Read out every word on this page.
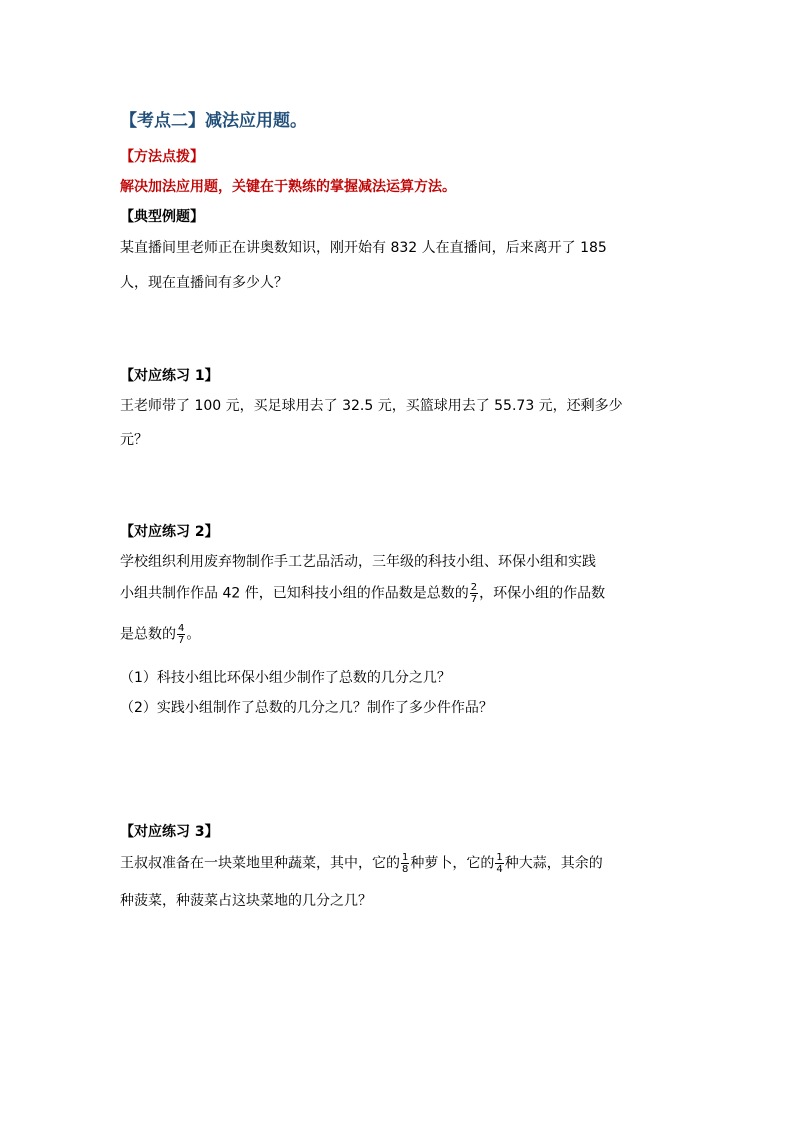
【考点二】减法应用题。
【方法点拨】
解决加法应用题，关键在于熟练的掌握减法运算方法。
【典型例题】
某直播间里老师正在讲奥数知识，刚开始有 832 人在直播间，后来离开了 185
人，现在直播间有多少人？
【对应练习 1】
王老师带了 100 元，买足球用去了 32.5 元，买篮球用去了 55.73 元，还剩多少
元？
【对应练习 2】
学校组织利用废弃物制作手工艺品活动，三年级的科技小组、环保小组和实践
小组共制作作品 42 件，已知科技小组的作品数是总数的 $\frac{2}{7}$ ，环保小组的作品数
是总数的 $\frac{4}{7}$ 。
（1）科技小组比环保小组少制作了总数的几分之几？
（2）实践小组制作了总数的几分之几？制作了多少件作品？
【对应练习 3】
王叔叔准备在一块菜地里种蔬菜，其中，它的 $\frac{1}{8}$ 种萝卜，它的 $\frac{1}{4}$ 种大蒜，其余的
种菠菜，种菠菜占这块菜地的几分之几？
